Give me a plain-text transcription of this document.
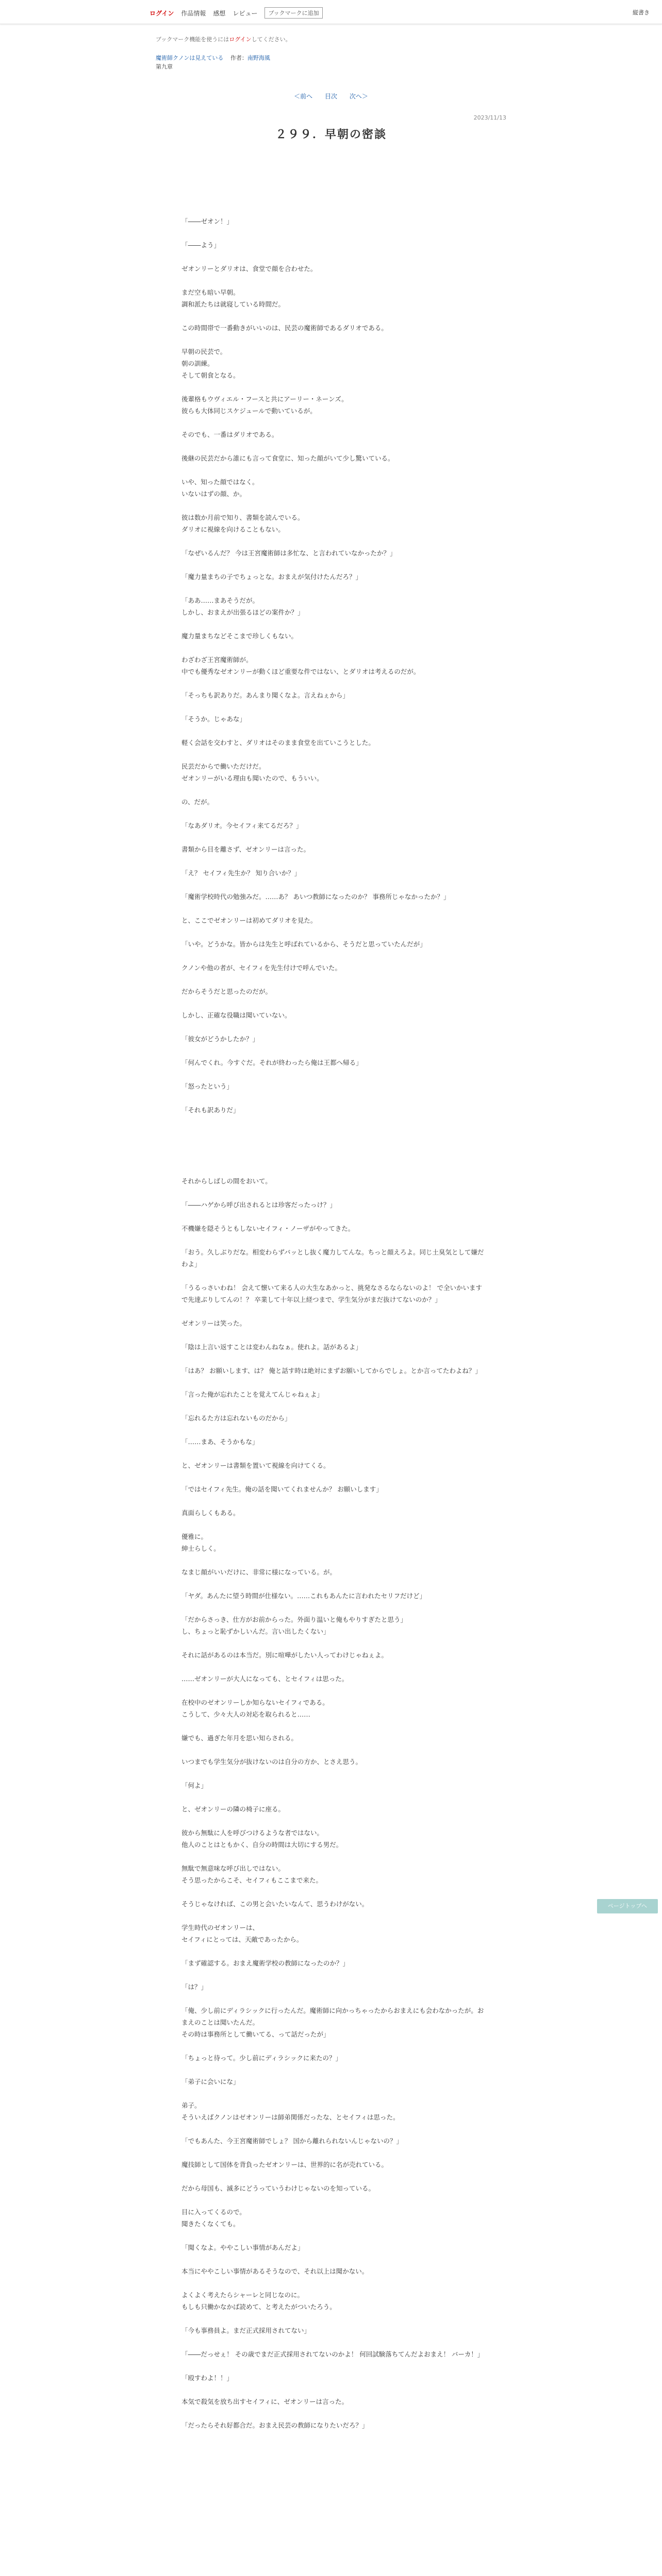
ログイン 作品情報 感想 レビュー	ブックマークに追加	縦書き
ブックマーク機能を使うにはログインしてください。
魔術師クノンは見えている 作者：南野海風
第九章
＜前へ 目次 次へ＞
2023/11/13
２９９．早朝の密談

「――ゼオン！」

「――よう」

ゼオンリーとダリオは、食堂で顔を合わせた。

まだ空も暗い早朝。

調和派たちは就寝している時間だ。

この時間帯で一番動きがいいのは、民芸の魔術師であるダリオである。

早朝の民芸で。

朝の訓練。

そして朝食となる。

後輩格もウヴィエル・フースと共にアーリー・ネーンズ。

彼らも大体同じスケジュールで動いているが。

そのでも、一番はダリオである。

後継の民芸だから誰にも言って食堂に、知った顔がいて少し驚いている。

いや、知った顔ではなく。

いないはずの顔、か。

彼は数か月前で知り、書類を読んでいる。

ダリオに視線を向けることもない。

「なぜいるんだ？ 今は王宮魔術師は多忙な、と言われていなかったか？」

「魔力量まちの子でちょっとな。おまえが気付けたんだろ？」

「ああ……まあそうだが。

しかし、おまえが出張るほどの案件か？」

魔力量まちなどそこまで珍しくもない。

わざわざ王宮魔術師が。

中でも優秀なゼオンリーが動くほど重要な件ではない、とダリオは考えるのだが。

「そっちも訳ありだ。あんまり聞くなよ。言えねぇから」

「そうか。じゃあな」

軽く会話を交わすと、ダリオはそのまま食堂を出ていこうとした。

民芸だからで働いただけだ。

ゼオンリーがいる理由も聞いたので、もういい。

の、だが。

「なあダリオ。今セイフィ来てるだろ？」

書類から目を離さず、ゼオンリーは言った。

「え？ セイフィ先生か？ 知り合いか？」

「魔術学校時代の勉強みだ。……あ？ あいつ教師になったのか？ 事務所じゃなかったか？」

と、ここでゼオンリーは初めてダリオを見た。

「いや。どうかな。皆からは先生と呼ばれているから、そうだと思っていたんだが」

クノンや他の者が、セイフィを先生付けで呼んでいた。

だからそうだと思ったのだが。

しかし、正確な役職は聞いていない。

「彼女がどうかしたか？」

「何んでくれ。今すぐだ。それが終わったら俺は王都へ帰る」

「怒ったという」

「それも訳ありだ」

それからしばしの間をおいて。

「――ハゲから呼び出されるとは珍客だったっけ？」

不機嫌を隠そうともしないセイフィ・ノーザがやってきた。

「おう。久しぶりだな。相変わらずバッとし抜く魔力してんな。ちっと顔えろよ。同じ土臭気として嫌だわよ」

「うるっさいわね！ 会えて懐いて来る人の大生なあかっと、挑発なさるならないのよ！ で全いかいますで先達ぶりしてんの！？ 卒業して十年以上経つまで、学生気分がまだ抜けてないのか？」

ゼオンリーは笑った。

「陰は上言い返すことは変わんねなぁ。使れよ。話があるよ」

「はあ？ お願いします、は？ 俺と話す時は絶対にまずお願いしてからでしょ。とか言ってたわよね？」

「言った俺が忘れたことを覚えてんじゃねぇよ」

「忘れるた方は忘れないものだから」

「……まあ、そうかもな」

と、ゼオンリーは書類を置いて視線を向けてくる。

「ではセイフィ先生。俺の話を聞いてくれませんか？ お願いします」

真面らしくもある。

優雅に。

紳士らしく。

なまじ顔がいいだけに、非常に様になっている。が。

「ヤダ。あんたに望う時間が仕様ない。……これもあんたに言われたセリフだけど」

「だからさっき、仕方がお前からった。外面り温いと俺もやりすぎたと思う」

し、ちょっと恥ずかしいんだ。言い出したくない」

それに話があるのは本当だ。別に喧嘩がしたい人ってわけじゃねぇよ。

……ゼオンリーが大人になっても、とセイフィは思った。

在校中のゼオンリーしか知らないセイフィである。

こうして、少々大人の対応を取られると……

嫌でも、過ぎた年月を思い知らされる。

いつまでも学生気分が抜けないのは自分の方か、とさえ思う。

「何よ」

と、ゼオンリーの隣の椅子に座る。

彼から無駄に人を呼びつけるような者ではない。

他人のことはともかく、自分の時間は大切にする男だ。

無駄で無意味な呼び出しではない。

そう思ったからこそ、セイフィもここまで来た。

そうじゃなければ、この男と会いたいなんて、思うわけがない。

学生時代のゼオンリーは、

セイフィにとっては、天敵であったから。

「まず確認する。おまえ魔術学校の教師になったのか？」

「は？」

「俺、少し前にディラシックに行ったんだ。魔術師に向かっちゃったからおまえにも会わなかったが。おまえのことは聞いたんだ。

その時は事務所として働いてる、って話だったが」

「ちょっと待って。少し前にディラシックに来たの？」

「弟子に会いにな」

弟子。

そういえばクノンはゼオンリーは師弟関係だったな、とセイフィは思った。

「でもあんた、今王宮魔術師でしょ？ 国から離れられないんじゃないの？」

魔技師として国体を背負ったゼオンリーは、世界的に名が売れている。

だから母国も、滅多にどうっていうわけじゃないのを知っている。

目に入ってくるので。

聞きたくなくても。

「聞くなよ。ややこしい事情があんだよ」

本当にややこしい事情があるそうなので、それ以上は聞かない。

よくよく考えたらシャーレと同じなのに。

もしも只働かなかば読めて、と考えたがついたろう。

「今も事務員よ。まだ正式採用されてない」

「――だっせぇ！ その歳でまだ正式採用されてないのかよ！ 何回試験落ちてんだよおまえ！ バーカ！」

「殴すわよ！！」

本気で殺気を放ち出すセイフィに、ゼオンリーは言った。

「だったらそれ好都合だ。おまえ民芸の教師になりたいだろ？」

ページトップへ
